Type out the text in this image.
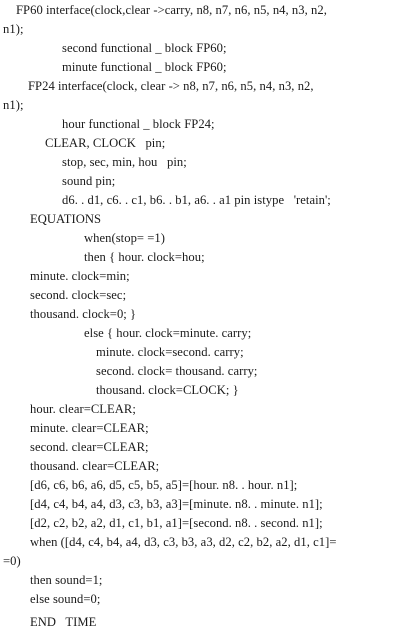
FP60 interface(clock,clear ->carry, n8, n7, n6, n5, n4, n3, n2,
n1);
second functional _ block FP60;
minute functional _ block FP60;
FP24 interface(clock, clear -> n8, n7, n6, n5, n4, n3, n2,
n1);
hour functional _ block FP24;
CLEAR, CLOCK   pin;
stop, sec, min, hou   pin;
sound pin;
d6. . d1, c6. . c1, b6. . b1, a6. . a1 pin istype   'retain';
EQUATIONS
when(stop= =1)
then { hour. clock=hou;
minute. clock=min;
second. clock=sec;
thousand. clock=0; }
else { hour. clock=minute. carry;
minute. clock=second. carry;
second. clock= thousand. carry;
thousand. clock=CLOCK; }
hour. clear=CLEAR;
minute. clear=CLEAR;
second. clear=CLEAR;
thousand. clear=CLEAR;
[d6, c6, b6, a6, d5, c5, b5, a5]=[hour. n8. . hour. n1];
[d4, c4, b4, a4, d3, c3, b3, a3]=[minute. n8. . minute. n1];
[d2, c2, b2, a2, d1, c1, b1, a1]=[second. n8. . second. n1];
when ([d4, c4, b4, a4, d3, c3, b3, a3, d2, c2, b2, a2, d1, c1]=
=0)
then sound=1;
else sound=0;
END   TIME
